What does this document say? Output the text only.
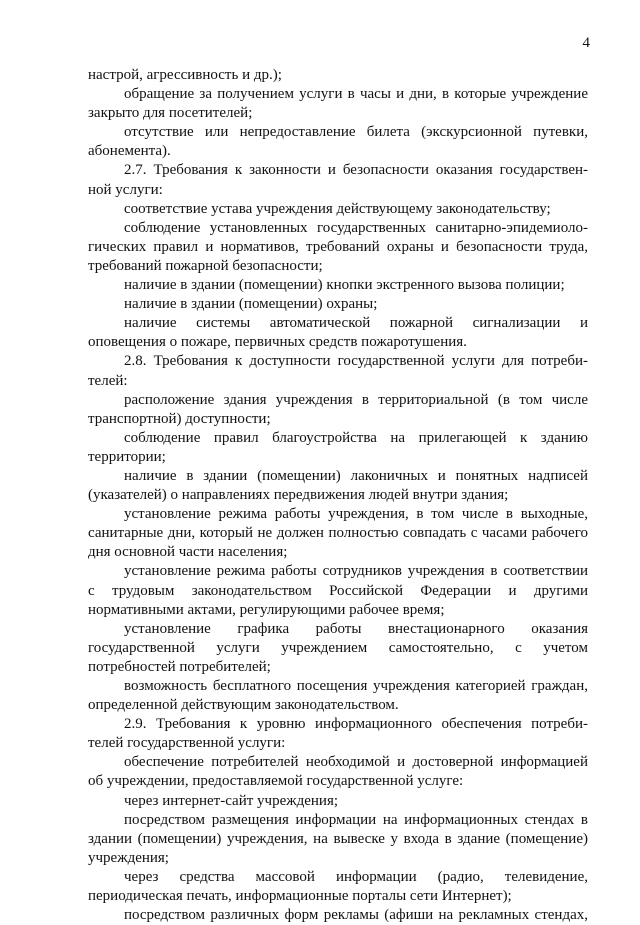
4
настрой, агрессивность и др.);
обращение за получением услуги в часы и дни, в которые учреждение
закрыто для посетителей;
отсутствие или непредоставление билета (экскурсионной путевки,
абонемента).
2.7. Требования к законности и безопасности оказания государствен-
ной услуги:
соответствие устава учреждения действующему законодательству;
соблюдение установленных государственных санитарно-эпидемиоло-
гических правил и нормативов, требований охраны и безопасности труда,
требований пожарной безопасности;
наличие в здании (помещении) кнопки экстренного вызова полиции;
наличие в здании (помещении) охраны;
наличие системы автоматической пожарной сигнализации и
оповещения о пожаре, первичных средств пожаротушения.
2.8. Требования к доступности государственной услуги для потреби-
телей:
расположение здания учреждения в территориальной (в том числе
транспортной) доступности;
соблюдение правил благоустройства на прилегающей к зданию
территории;
наличие в здании (помещении) лаконичных и понятных надписей
(указателей) о направлениях передвижения людей внутри здания;
установление режима работы учреждения, в том числе в выходные,
санитарные дни, который не должен полностью совпадать с часами рабочего
дня основной части населения;
установление режима работы сотрудников учреждения в соответствии
с трудовым законодательством Российской Федерации и другими
нормативными актами, регулирующими рабочее время;
установление графика работы внестационарного оказания
государственной услуги учреждением самостоятельно, с учетом
потребностей потребителей;
возможность бесплатного посещения учреждения категорией граждан,
определенной действующим законодательством.
2.9. Требования к уровню информационного обеспечения потреби-
телей государственной услуги:
обеспечение потребителей необходимой и достоверной информацией
об учреждении, предоставляемой государственной услуге:
через интернет-сайт учреждения;
посредством размещения информации на информационных стендах в
здании (помещении) учреждения, на вывеске у входа в здание (помещение)
учреждения;
через средства массовой информации (радио, телевидение,
периодическая печать, информационные порталы сети Интернет);
посредством различных форм рекламы (афиши на рекламных стендах,
